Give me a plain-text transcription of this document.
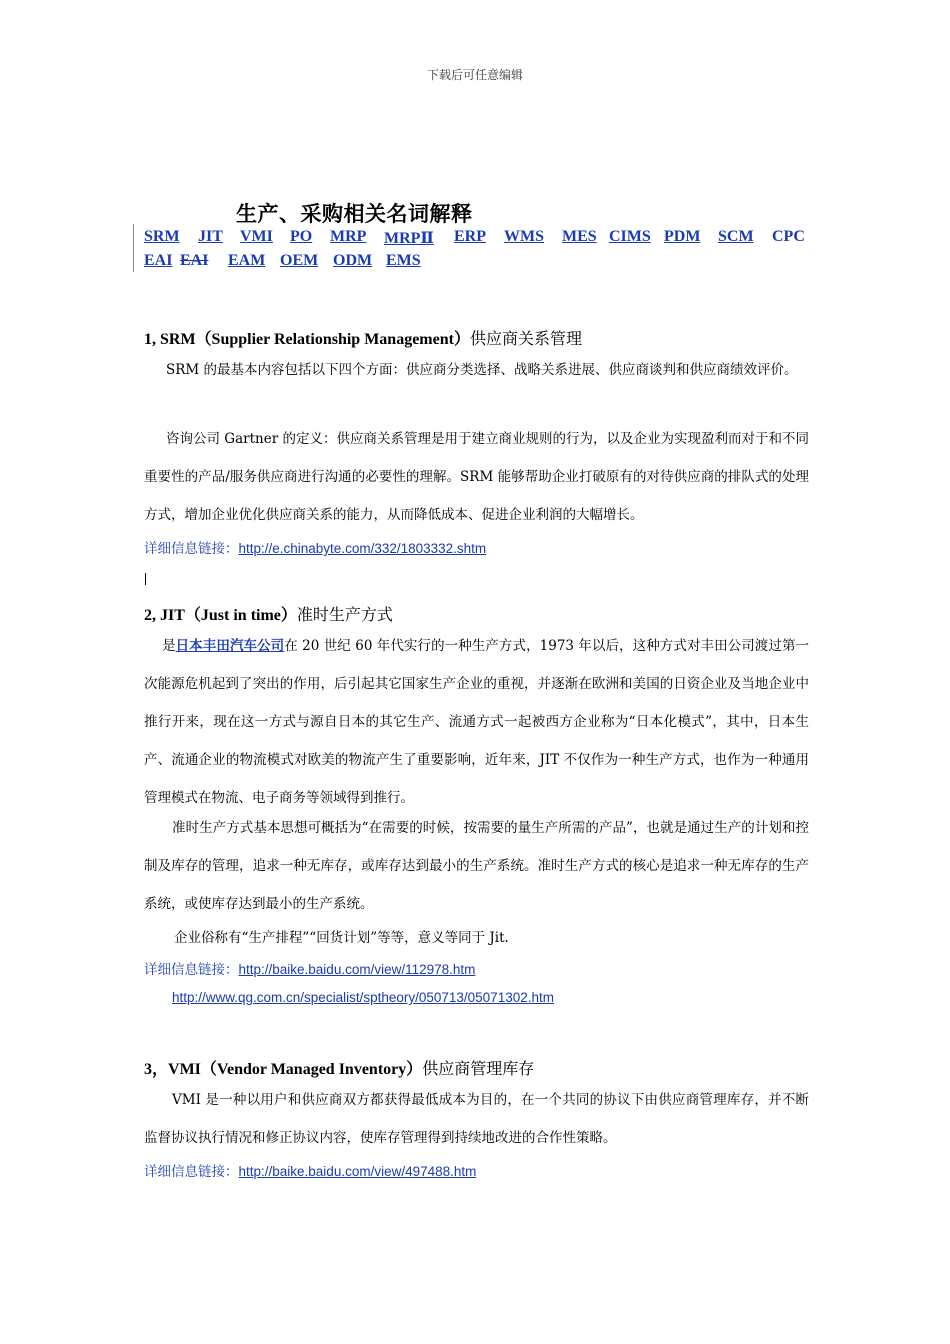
下载后可任意编辑
生产、采购相关名词解释
SRM JIT VMI PO MRP MRPⅡ ERP WMS MES CIMS PDM SCM CPC
EAI EAI EAM OEM ODM EMS
1, SRM（Supplier Relationship Management）供应商关系管理
SRM 的最基本内容包括以下四个方面：供应商分类选择、战略关系进展、供应商谈判和供应商绩效评价。
咨询公司 Gartner 的定义：供应商关系管理是用于建立商业规则的行为，以及企业为实现盈利而对于和不同重要性的产品/服务供应商进行沟通的必要性的理解。SRM 能够帮助企业打破原有的对待供应商的排队式的处理方式，增加企业优化供应商关系的能力，从而降低成本、促进企业利润的大幅增长。
详细信息链接：http://e.chinabyte.com/332/1803332.shtm
2, JIT（Just in time）准时生产方式
是日本丰田汽车公司在 20 世纪 60 年代实行的一种生产方式，1973 年以后，这种方式对丰田公司渡过第一次能源危机起到了突出的作用，后引起其它国家生产企业的重视，并逐渐在欧洲和美国的日资企业及当地企业中推行开来，现在这一方式与源自日本的其它生产、流通方式一起被西方企业称为“日本化模式”，其中，日本生产、流通企业的物流模式对欧美的物流产生了重要影响，近年来，JIT 不仅作为一种生产方式，也作为一种通用管理模式在物流、电子商务等领域得到推行。
准时生产方式基本思想可概括为“在需要的时候，按需要的量生产所需的产品”，也就是通过生产的计划和控制及库存的管理，追求一种无库存，或库存达到最小的生产系统。准时生产方式的核心是追求一种无库存的生产系统，或使库存达到最小的生产系统。
企业俗称有“生产排程”“回货计划”等等，意义等同于 Jit.
详细信息链接：http://baike.baidu.com/view/112978.htm
http://www.qg.com.cn/specialist/sptheory/050713/05071302.htm
3，VMI（Vendor Managed Inventory）供应商管理库存
VMI 是一种以用户和供应商双方都获得最低成本为目的，在一个共同的协议下由供应商管理库存，并不断监督协议执行情况和修正协议内容，使库存管理得到持续地改进的合作性策略。
详细信息链接：http://baike.baidu.com/view/497488.htm
